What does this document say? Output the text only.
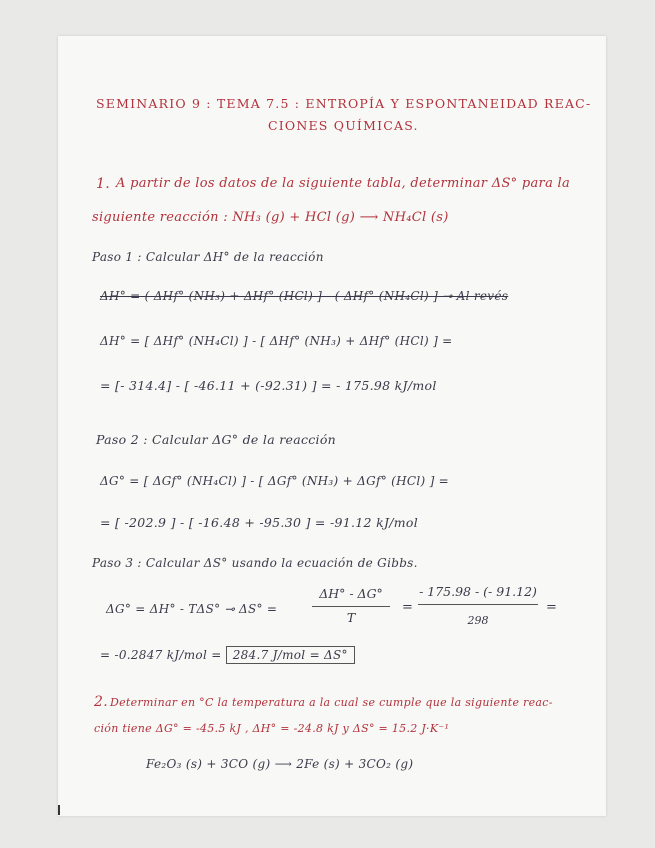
SEMINARIO 9 : TEMA 7.5 : ENTROPÍA Y ESPONTANEIDAD REAC-
CIONES QUÍMICAS.
1. A partir de los datos de la siguiente tabla, determinar ΔS° para la
siguiente reacción : NH₃ (g) + HCl (g) ⟶ NH₄Cl (s)
Paso 1 : Calcular ΔH° de la reacción
ΔH° = ( ΔHf° (NH₃) + ΔHf° (HCl) ] - ( ΔHf° (NH₄Cl) ] ⊸ Al revés
ΔH° = [ ΔHf° (NH₄Cl) ] - [ ΔHf° (NH₃) + ΔHf° (HCl) ] =
= [- 314.4] - [ -46.11 + (-92.31) ] = - 175.98 kJ/mol
Paso 2 : Calcular ΔG° de la reacción
ΔG° = [ ΔGf° (NH₄Cl) ] - [ ΔGf° (NH₃) + ΔGf° (HCl) ] =
= [ -202.9 ] - [ -16.48 + -95.30 ] = -91.12 kJ/mol
Paso 3 : Calcular ΔS° usando la ecuación de Gibbs.
ΔG° = ΔH° - TΔS° ⊸ ΔS° =
ΔH° - ΔG°
T
=
- 175.98 - (- 91.12)
298
=
= -0.2847 kJ/mol = 284.7 J/mol = ΔS°
2. Determinar en °C la temperatura a la cual se cumple que la siguiente reac-
ción tiene ΔG° = -45.5 kJ , ΔH° = -24.8 kJ y ΔS° = 15.2 J·K⁻¹
Fe₂O₃ (s) + 3CO (g) ⟶ 2Fe (s) + 3CO₂ (g)
